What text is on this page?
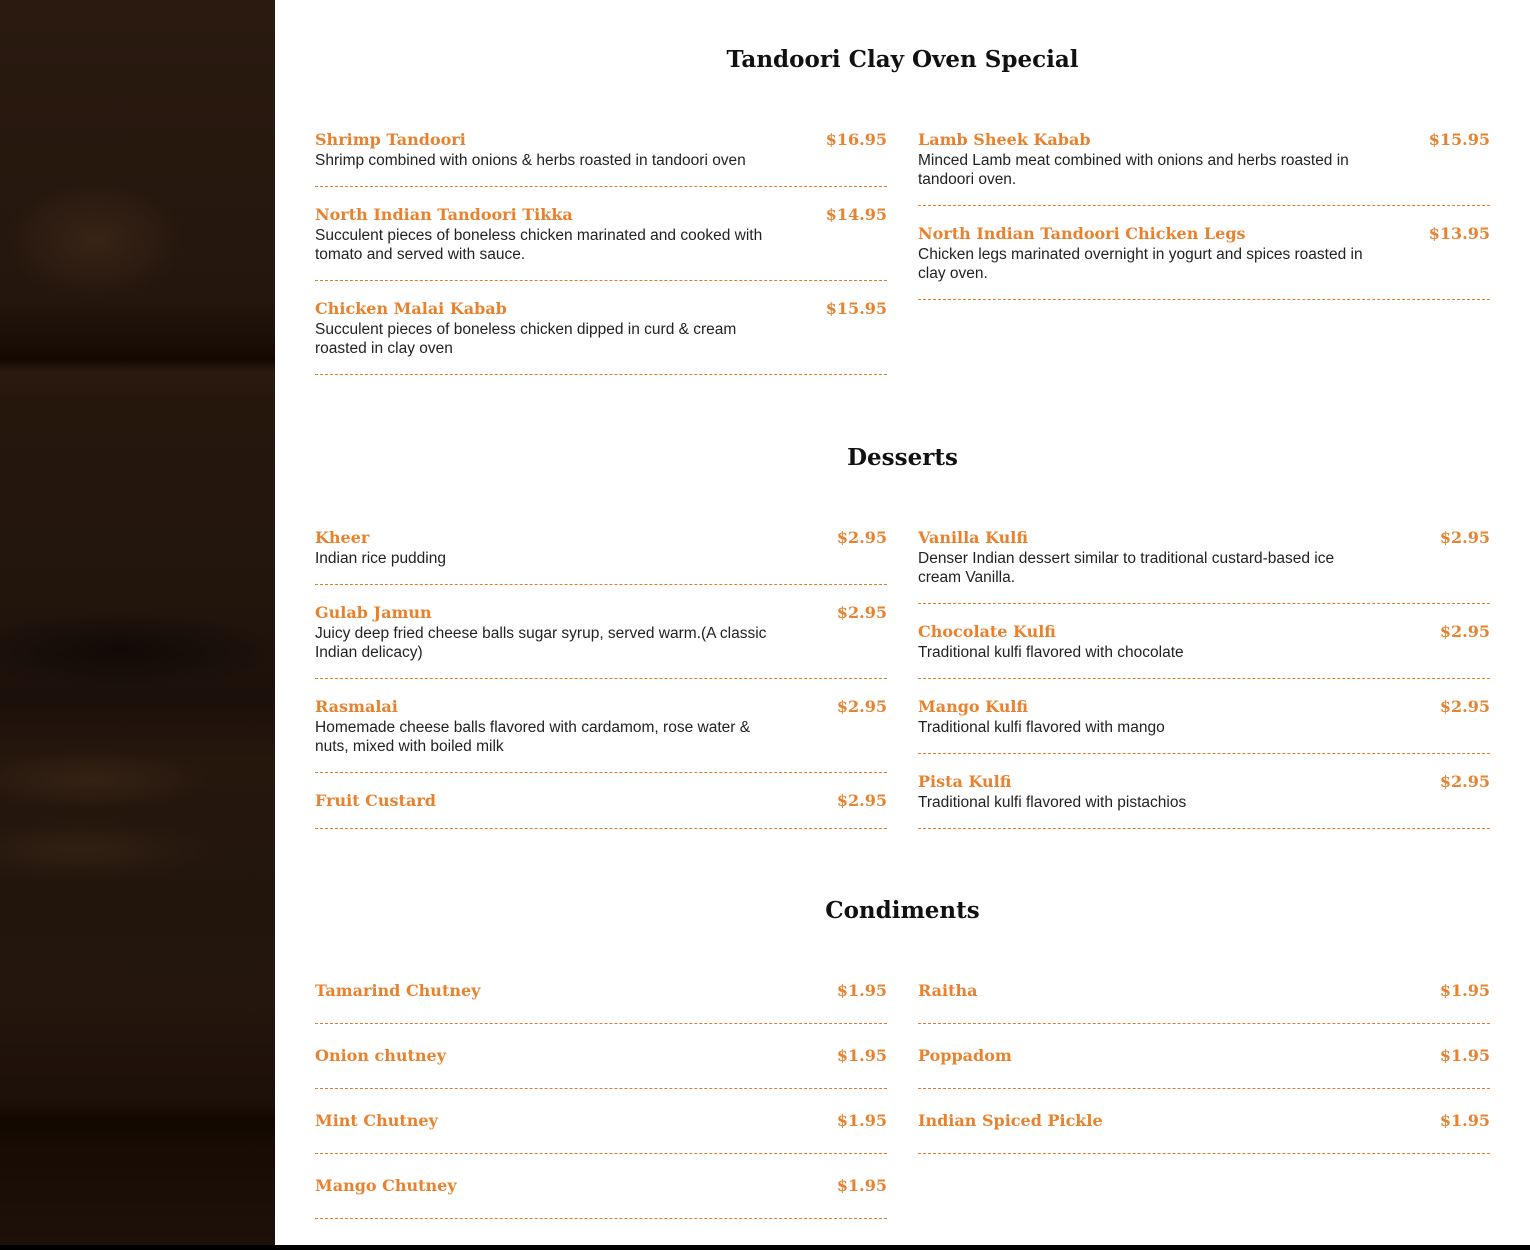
Tandoori Clay Oven Special
Shrimp Tandoori	$16.95
Shrimp combined with onions & herbs roasted in tandoori oven
North Indian Tandoori Tikka	$14.95
Succulent pieces of boneless chicken marinated and cooked with tomato and served with sauce.
Chicken Malai Kabab	$15.95
Succulent pieces of boneless chicken dipped in curd & cream roasted in clay oven
Lamb Sheek Kabab	$15.95
Minced Lamb meat combined with onions and herbs roasted in tandoori oven.
North Indian Tandoori Chicken Legs	$13.95
Chicken legs marinated overnight in yogurt and spices roasted in clay oven.
Desserts
Kheer	$2.95
Indian rice pudding
Gulab Jamun	$2.95
Juicy deep fried cheese balls sugar syrup, served warm.(A classic Indian delicacy)
Rasmalai	$2.95
Homemade cheese balls flavored with cardamom, rose water & nuts, mixed with boiled milk
Fruit Custard	$2.95
Vanilla Kulfi	$2.95
Denser Indian dessert similar to traditional custard-based ice cream Vanilla.
Chocolate Kulfi	$2.95
Traditional kulfi flavored with chocolate
Mango Kulfi	$2.95
Traditional kulfi flavored with mango
Pista Kulfi	$2.95
Traditional kulfi flavored with pistachios
Condiments
Tamarind Chutney	$1.95
Onion chutney	$1.95
Mint Chutney	$1.95
Mango Chutney	$1.95
Raitha	$1.95
Poppadom	$1.95
Indian Spiced Pickle	$1.95
